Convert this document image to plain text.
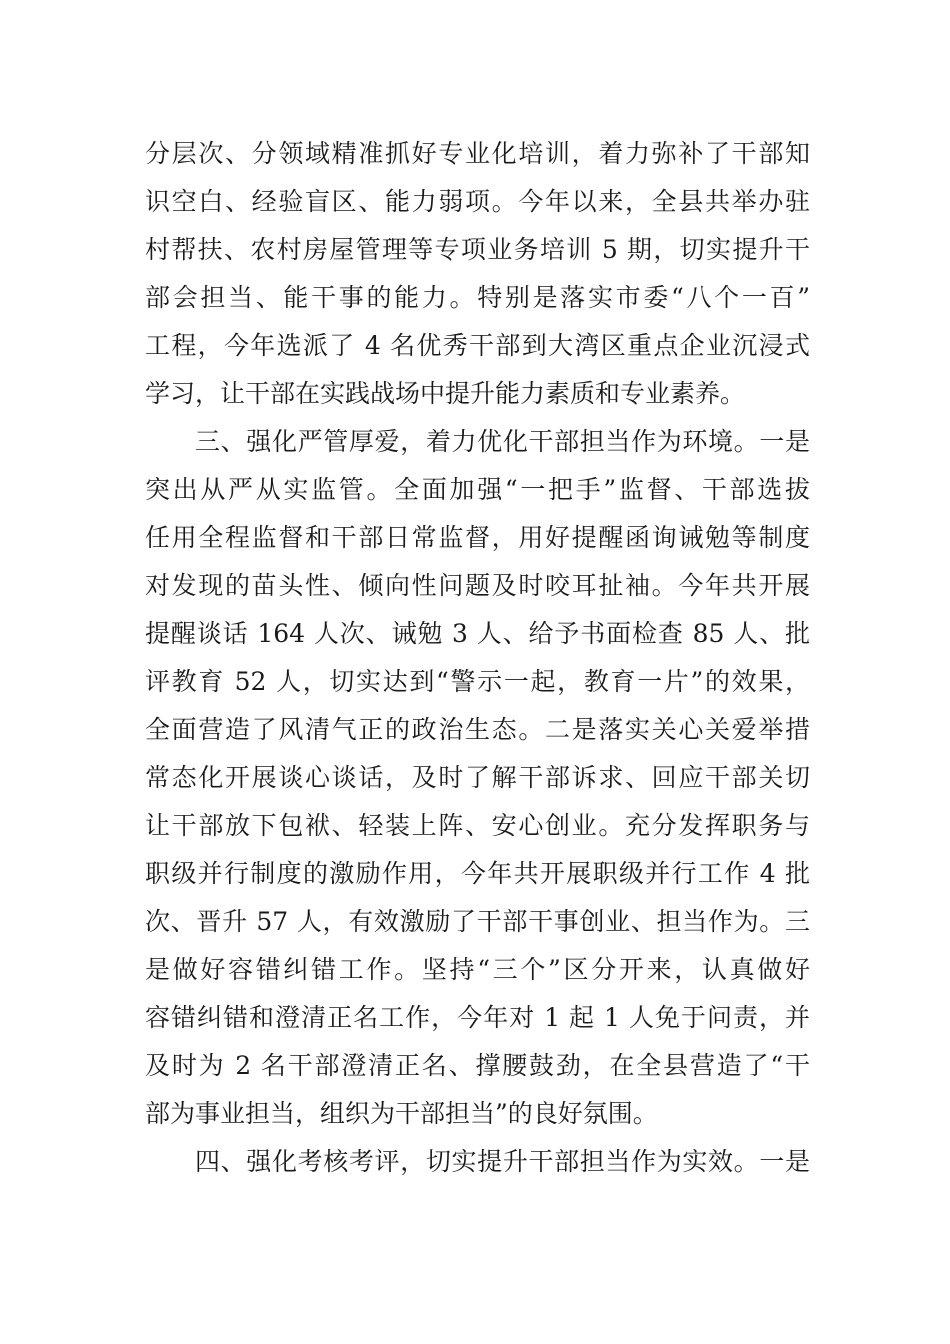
分层次、分领域精准抓好专业化培训，着力弥补了干部知
识空白、经验盲区、能力弱项。今年以来，全县共举办驻
村帮扶、农村房屋管理等专项业务培训 5 期，切实提升干
部会担当、能干事的能力。特别是落实市委“八个一百”
工程，今年选派了 4 名优秀干部到大湾区重点企业沉浸式
学习，让干部在实践战场中提升能力素质和专业素养。
三、强化严管厚爱，着力优化干部担当作为环境。一是
突出从严从实监管。全面加强“一把手”监督、干部选拔
任用全程监督和干部日常监督，用好提醒函询诫勉等制度
对发现的苗头性、倾向性问题及时咬耳扯袖。今年共开展
提醒谈话 164 人次、诫勉 3 人、给予书面检查 85 人、批
评教育 52 人，切实达到“警示一起，教育一片”的效果，
全面营造了风清气正的政治生态。二是落实关心关爱举措
常态化开展谈心谈话，及时了解干部诉求、回应干部关切
让干部放下包袱、轻装上阵、安心创业。充分发挥职务与
职级并行制度的激励作用，今年共开展职级并行工作 4 批
次、晋升 57 人，有效激励了干部干事创业、担当作为。三
是做好容错纠错工作。坚持“三个”区分开来，认真做好
容错纠错和澄清正名工作，今年对 1 起 1 人免于问责，并
及时为 2 名干部澄清正名、撑腰鼓劲，在全县营造了“干
部为事业担当，组织为干部担当”的良好氛围。
四、强化考核考评，切实提升干部担当作为实效。一是
